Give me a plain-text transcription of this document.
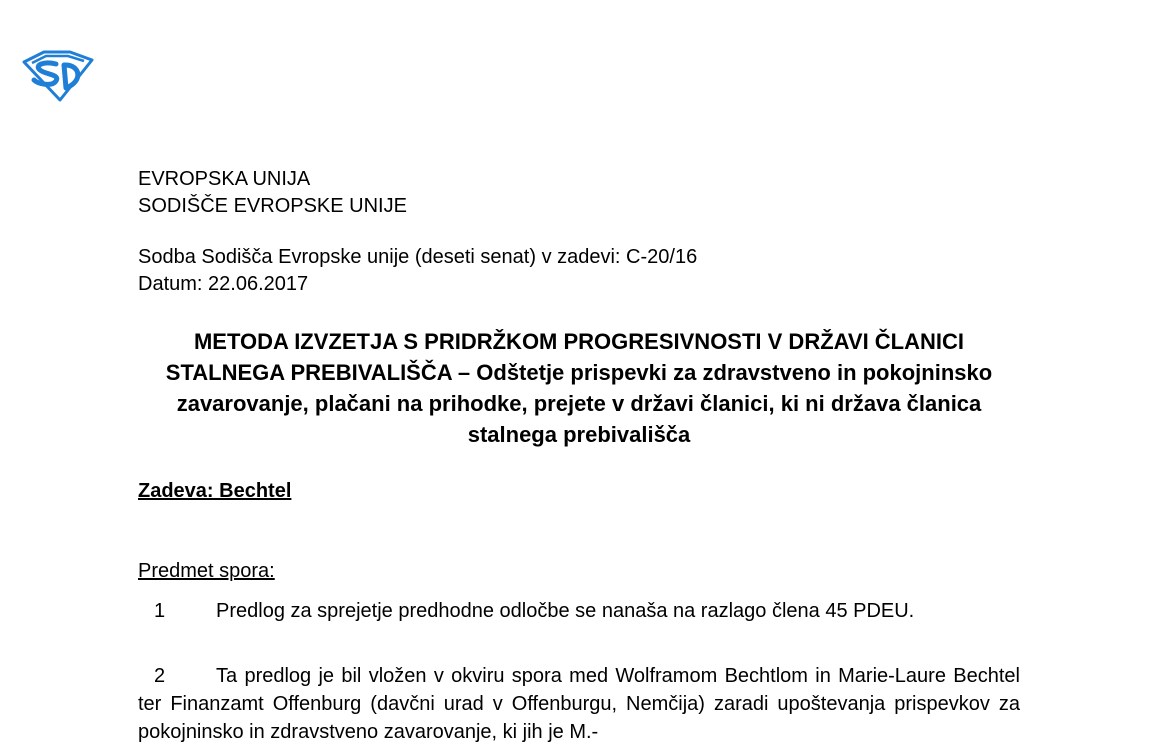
EVROPSKA UNIJA
SODIŠČE EVROPSKE UNIJE
Sodba Sodišča Evropske unije (deseti senat) v zadevi: C-20/16
Datum: 22.06.2017
METODA IZVZETJA S PRIDRŽKOM PROGRESIVNOSTI V DRŽAVI ČLANICI STALNEGA PREBIVALIŠČA – Odštetje prispevki za zdravstveno in pokojninsko zavarovanje, plačani na prihodke, prejete v državi članici, ki ni država članica stalnega prebivališča
Zadeva: Bechtel
Predmet spora:
1	Predlog za sprejetje predhodne odločbe se nanaša na razlago člena 45 PDEU.
2	Ta predlog je bil vložen v okviru spora med Wolframom Bechtlom in Marie-Laure Bechtel ter Finanzamt Offenburg (davčni urad v Offenburgu, Nemčija) zaradi upoštevanja prispevkov za pokojninsko in zdravstveno zavarovanje, ki jih je M.-
